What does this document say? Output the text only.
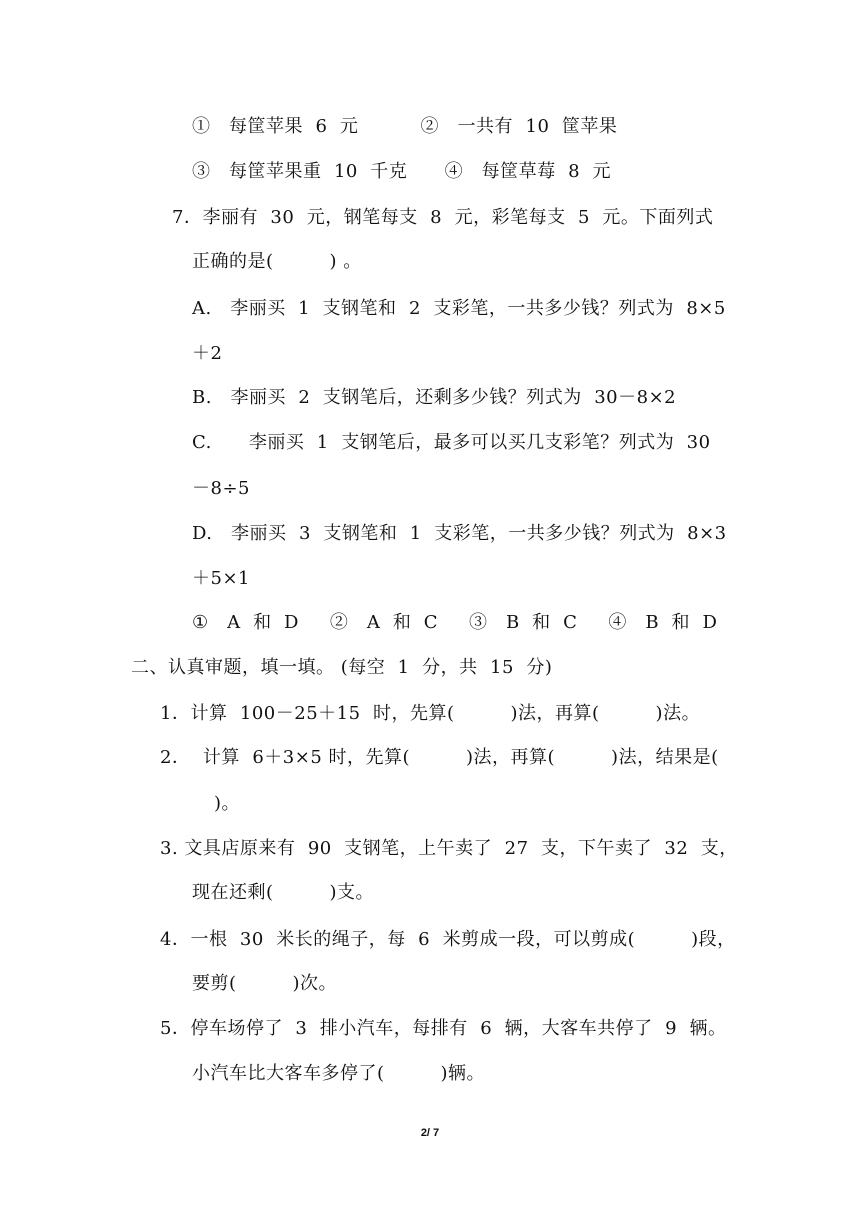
①　每筐苹果  6  元          ②　一共有  10  筐苹果
③　每筐苹果重  10  千克      ④　每筐草莓  8  元
7．李丽有  30  元，钢笔每支  8  元，彩笔每支  5  元。下面列式
正确的是(         ) 。
A.　李丽买  1  支钢笔和  2  支彩笔，一共多少钱？列式为  8×5
＋2
B.　李丽买  2  支钢笔后，还剩多少钱？列式为  30－8×2
C.　　李丽买  1  支钢笔后，最多可以买几支彩笔？列式为  30
－8÷5
D.　李丽买  3  支钢笔和  1  支彩笔，一共多少钱？列式为  8×3
＋5×1
①　A  和  D　  ②　A  和  C　  ③　B  和  C　  ④　B  和  D
二、认真审题，填一填。 (每空  1  分，共  15  分)
1．计算  100－25＋15  时，先算(         )法，再算(         )法。
2．  计算  6＋3×5 时，先算(         )法，再算(         )法，结果是(
)。
3. 文具店原来有  90  支钢笔，上午卖了  27  支，下午卖了  32  支，
现在还剩(         )支。
4．一根  30  米长的绳子，每  6  米剪成一段，可以剪成(         )段，
要剪(         )次。
5．停车场停了  3  排小汽车，每排有  6  辆，大客车共停了  9  辆。
小汽车比大客车多停了(         )辆。
2/ 7
